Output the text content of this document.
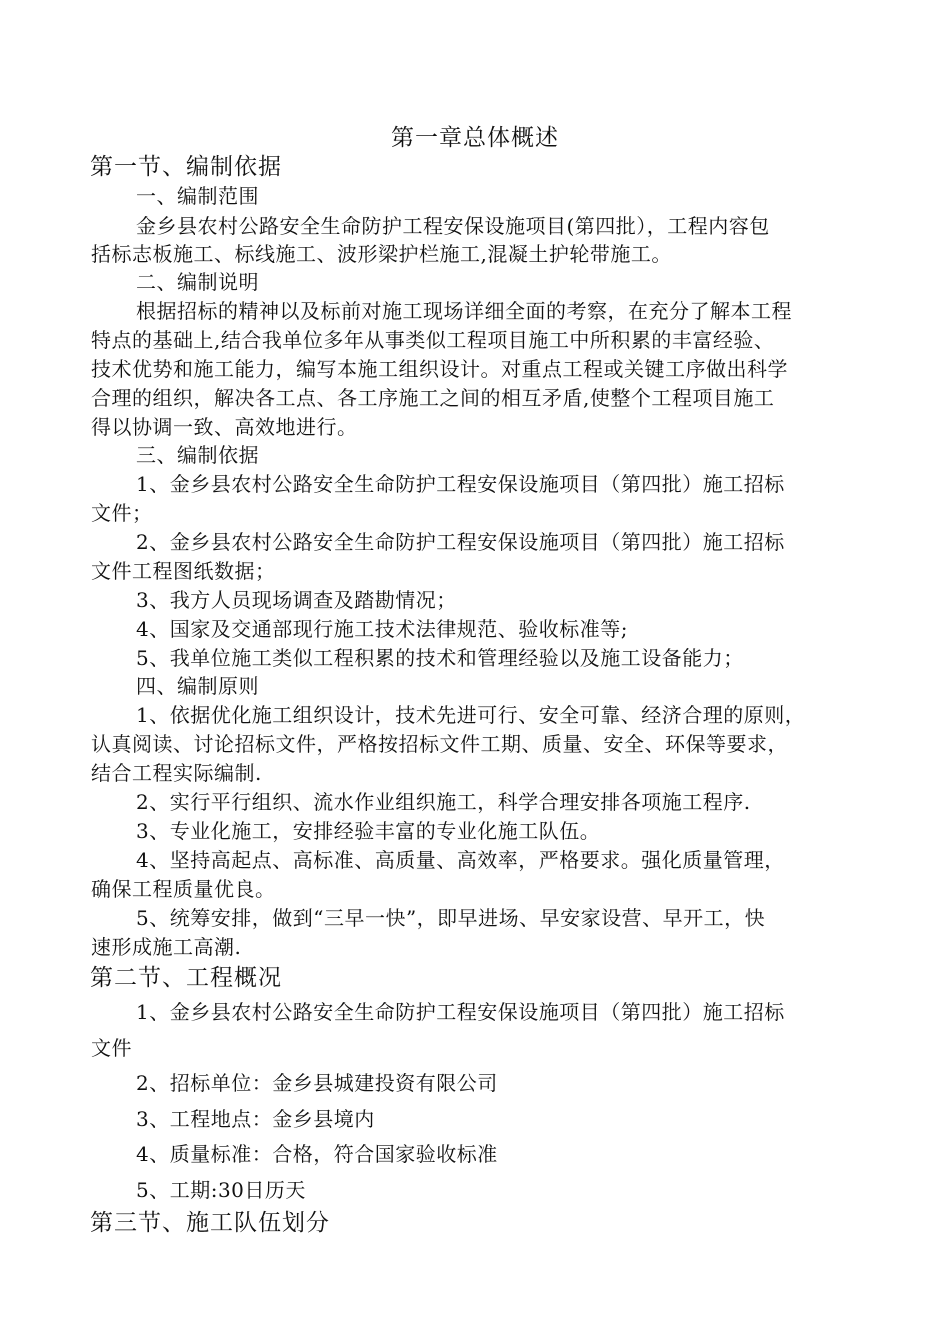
第一章总体概述
第一节、编制依据
一、编制范围
金乡县农村公路安全生命防护工程安保设施项目(第四批），工程内容包
括标志板施工、标线施工、波形梁护栏施工,混凝土护轮带施工。
二、编制说明
根据招标的精神以及标前对施工现场详细全面的考察，在充分了解本工程
特点的基础上,结合我单位多年从事类似工程项目施工中所积累的丰富经验、
技术优势和施工能力，编写本施工组织设计。对重点工程或关键工序做出科学
合理的组织，解决各工点、各工序施工之间的相互矛盾,使整个工程项目施工
得以协调一致、高效地进行。
三、编制依据
1、金乡县农村公路安全生命防护工程安保设施项目（第四批）施工招标
文件；
2、金乡县农村公路安全生命防护工程安保设施项目（第四批）施工招标
文件工程图纸数据；
3、我方人员现场调查及踏勘情况；
4、国家及交通部现行施工技术法律规范、验收标准等;
5、我单位施工类似工程积累的技术和管理经验以及施工设备能力；
四、编制原则
1、依据优化施工组织设计，技术先进可行、安全可靠、经济合理的原则，
认真阅读、讨论招标文件，严格按招标文件工期、质量、安全、环保等要求，
结合工程实际编制.
2、实行平行组织、流水作业组织施工，科学合理安排各项施工程序.
3、专业化施工，安排经验丰富的专业化施工队伍。
4、坚持高起点、高标准、高质量、高效率，严格要求。强化质量管理，
确保工程质量优良。
5、统筹安排，做到“三早一快”，即早进场、早安家设营、早开工，快
速形成施工高潮.
第二节、工程概况
1、金乡县农村公路安全生命防护工程安保设施项目（第四批）施工招标
文件
2、招标单位：金乡县城建投资有限公司
3、工程地点：金乡县境内
4、质量标准：合格，符合国家验收标准
5、工期:30日历天
第三节、施工队伍划分
